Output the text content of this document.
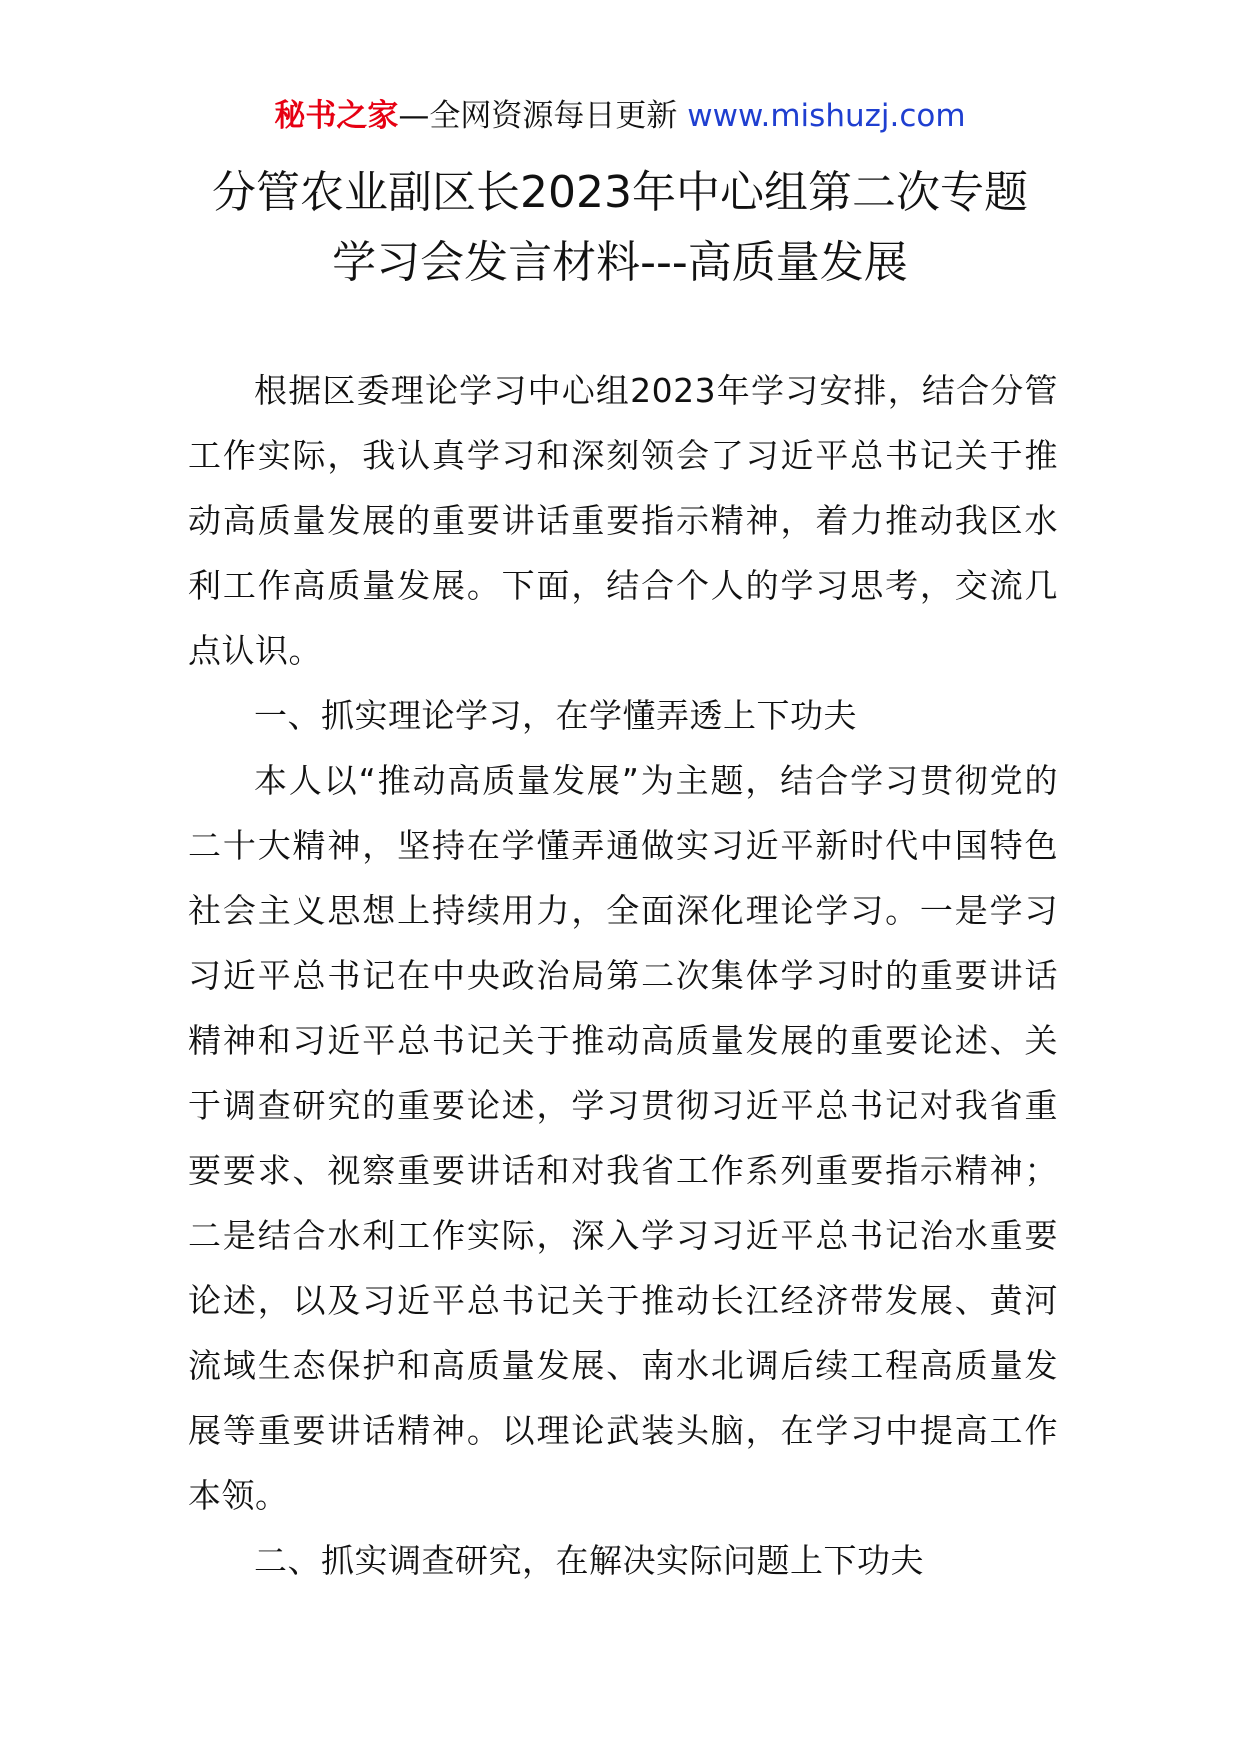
秘书之家—全网资源每日更新 www.mishuzj.com
分管农业副区长2023年中心组第二次专题
学习会发言材料---高质量发展

根据区委理论学习中心组2023年学习安排，结合分管工作实际，我认真学习和深刻领会了习近平总书记关于推动高质量发展的重要讲话重要指示精神，着力推动我区水利工作高质量发展。下面，结合个人的学习思考，交流几点认识。

一、抓实理论学习，在学懂弄透上下功夫

本人以“推动高质量发展”为主题，结合学习贯彻党的二十大精神，坚持在学懂弄通做实习近平新时代中国特色社会主义思想上持续用力，全面深化理论学习。一是学习习近平总书记在中央政治局第二次集体学习时的重要讲话精神和习近平总书记关于推动高质量发展的重要论述、关于调查研究的重要论述，学习贯彻习近平总书记对我省重要要求、视察重要讲话和对我省工作系列重要指示精神；二是结合水利工作实际，深入学习习近平总书记治水重要论述，以及习近平总书记关于推动长江经济带发展、黄河流域生态保护和高质量发展、南水北调后续工程高质量发展等重要讲话精神。以理论武装头脑，在学习中提高工作本领。

二、抓实调查研究，在解决实际问题上下功夫
